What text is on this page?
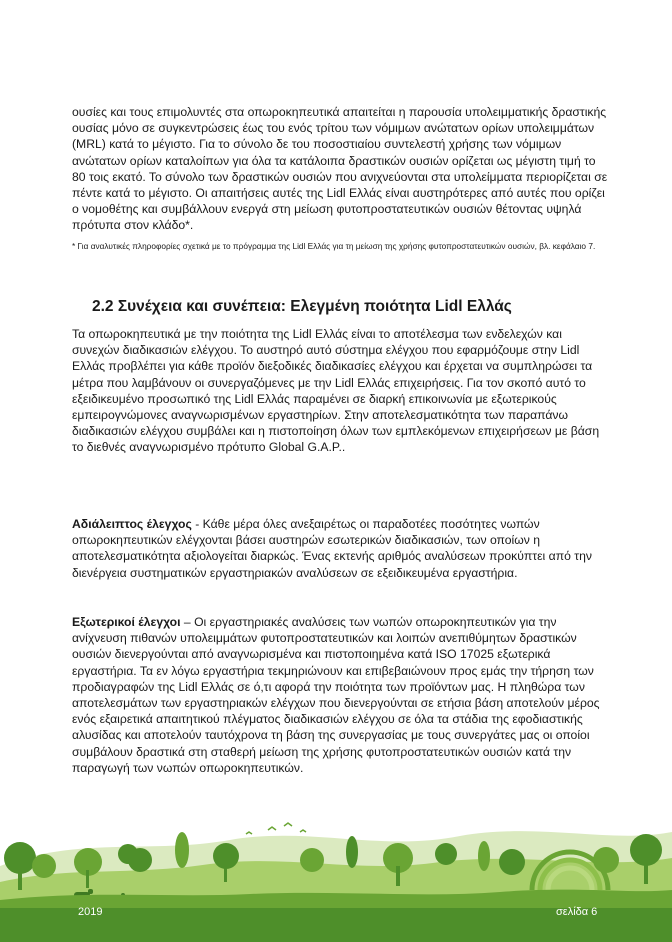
ουσίες και τους επιμολυντές στα οπωροκηπευτικά απαιτείται η παρουσία υπολειμματικής δραστικής ουσίας μόνο σε συγκεντρώσεις έως του ενός τρίτου των νόμιμων ανώτατων ορίων υπολειμμάτων (MRL) κατά το μέγιστο. Για το σύνολο δε του ποσοστιαίου συντελεστή χρήσης των νόμιμων ανώτατων ορίων καταλοίπων για όλα τα κατάλοιπα δραστικών ουσιών ορίζεται ως μέγιστη τιμή το 80 τοις εκατό. Το σύνολο των δραστικών ουσιών που ανιχνεύονται στα υπολείμματα περιορίζεται σε πέντε κατά το μέγιστο. Οι απαιτήσεις αυτές της Lidl Ελλάς είναι αυστηρότερες από αυτές που ορίζει ο νομοθέτης και συμβάλλουν ενεργά στη μείωση φυτοπροστατευτικών ουσιών θέτοντας υψηλά πρότυπα στον κλάδο*.

* Για αναλυτικές πληροφορίες σχετικά με το πρόγραμμα της Lidl Ελλάς για τη μείωση της χρήσης φυτοπροστατευτικών ουσιών, βλ. κεφάλαιο 7.

2.2 Συνέχεια και συνέπεια: Ελεγμένη ποιότητα Lidl Ελλάς

Τα οπωροκηπευτικά με την ποιότητα της Lidl Ελλάς είναι το αποτέλεσμα των ενδελεχών και συνεχών διαδικασιών ελέγχου. Το αυστηρό αυτό σύστημα ελέγχου που εφαρμόζουμε στην Lidl Ελλάς προβλέπει για κάθε προϊόν διεξοδικές διαδικασίες ελέγχου και έρχεται να συμπληρώσει τα μέτρα που λαμβάνουν οι συνεργαζόμενες με την Lidl Ελλάς επιχειρήσεις. Για τον σκοπό αυτό το εξειδικευμένο προσωπικό της Lidl Ελλάς παραμένει σε διαρκή επικοινωνία με εξωτερικούς εμπειρογνώμονες αναγνωρισμένων εργαστηρίων. Στην αποτελεσματικότητα των παραπάνω διαδικασιών ελέγχου συμβάλει και η πιστοποίηση όλων των εμπλεκόμενων επιχειρήσεων με βάση το διεθνές αναγνωρισμένο πρότυπο Global G.A.P..

Αδιάλειπτος έλεγχος - Κάθε μέρα όλες ανεξαιρέτως οι παραδοτέες ποσότητες νωπών οπωροκηπευτικών ελέγχονται βάσει αυστηρών εσωτερικών διαδικασιών, των οποίων η αποτελεσματικότητα αξιολογείται διαρκώς. Ένας εκτενής αριθμός αναλύσεων προκύπτει από την διενέργεια συστηματικών εργαστηριακών αναλύσεων σε εξειδικευμένα εργαστήρια.

Εξωτερικοί έλεγχοι – Οι εργαστηριακές αναλύσεις των νωπών οπωροκηπευτικών για την ανίχνευση πιθανών υπολειμμάτων φυτοπροστατευτικών και λοιπών ανεπιθύμητων δραστικών ουσιών διενεργούνται από αναγνωρισμένα και πιστοποιημένα κατά ISO 17025 εξωτερικά εργαστήρια. Τα εν λόγω εργαστήρια τεκμηριώνουν και επιβεβαιώνουν προς εμάς την τήρηση των προδιαγραφών της Lidl Ελλάς σε ό,τι αφορά την ποιότητα των προϊόντων μας. Η πληθώρα των αποτελεσμάτων των εργαστηριακών ελέγχων που διενεργούνται σε ετήσια βάση αποτελούν μέρος ενός εξαιρετικά απαιτητικού πλέγματος διαδικασιών ελέγχου σε όλα τα στάδια της εφοδιαστικής αλυσίδας και αποτελούν ταυτόχρονα τη βάση της συνεργασίας με τους συνεργάτες μας οι οποίοι συμβάλουν δραστικά στη σταθερή μείωση της χρήσης φυτοπροστατευτικών ουσιών κατά την παραγωγή των νωπών οπωροκηπευτικών.

2019	σελίδα 6
